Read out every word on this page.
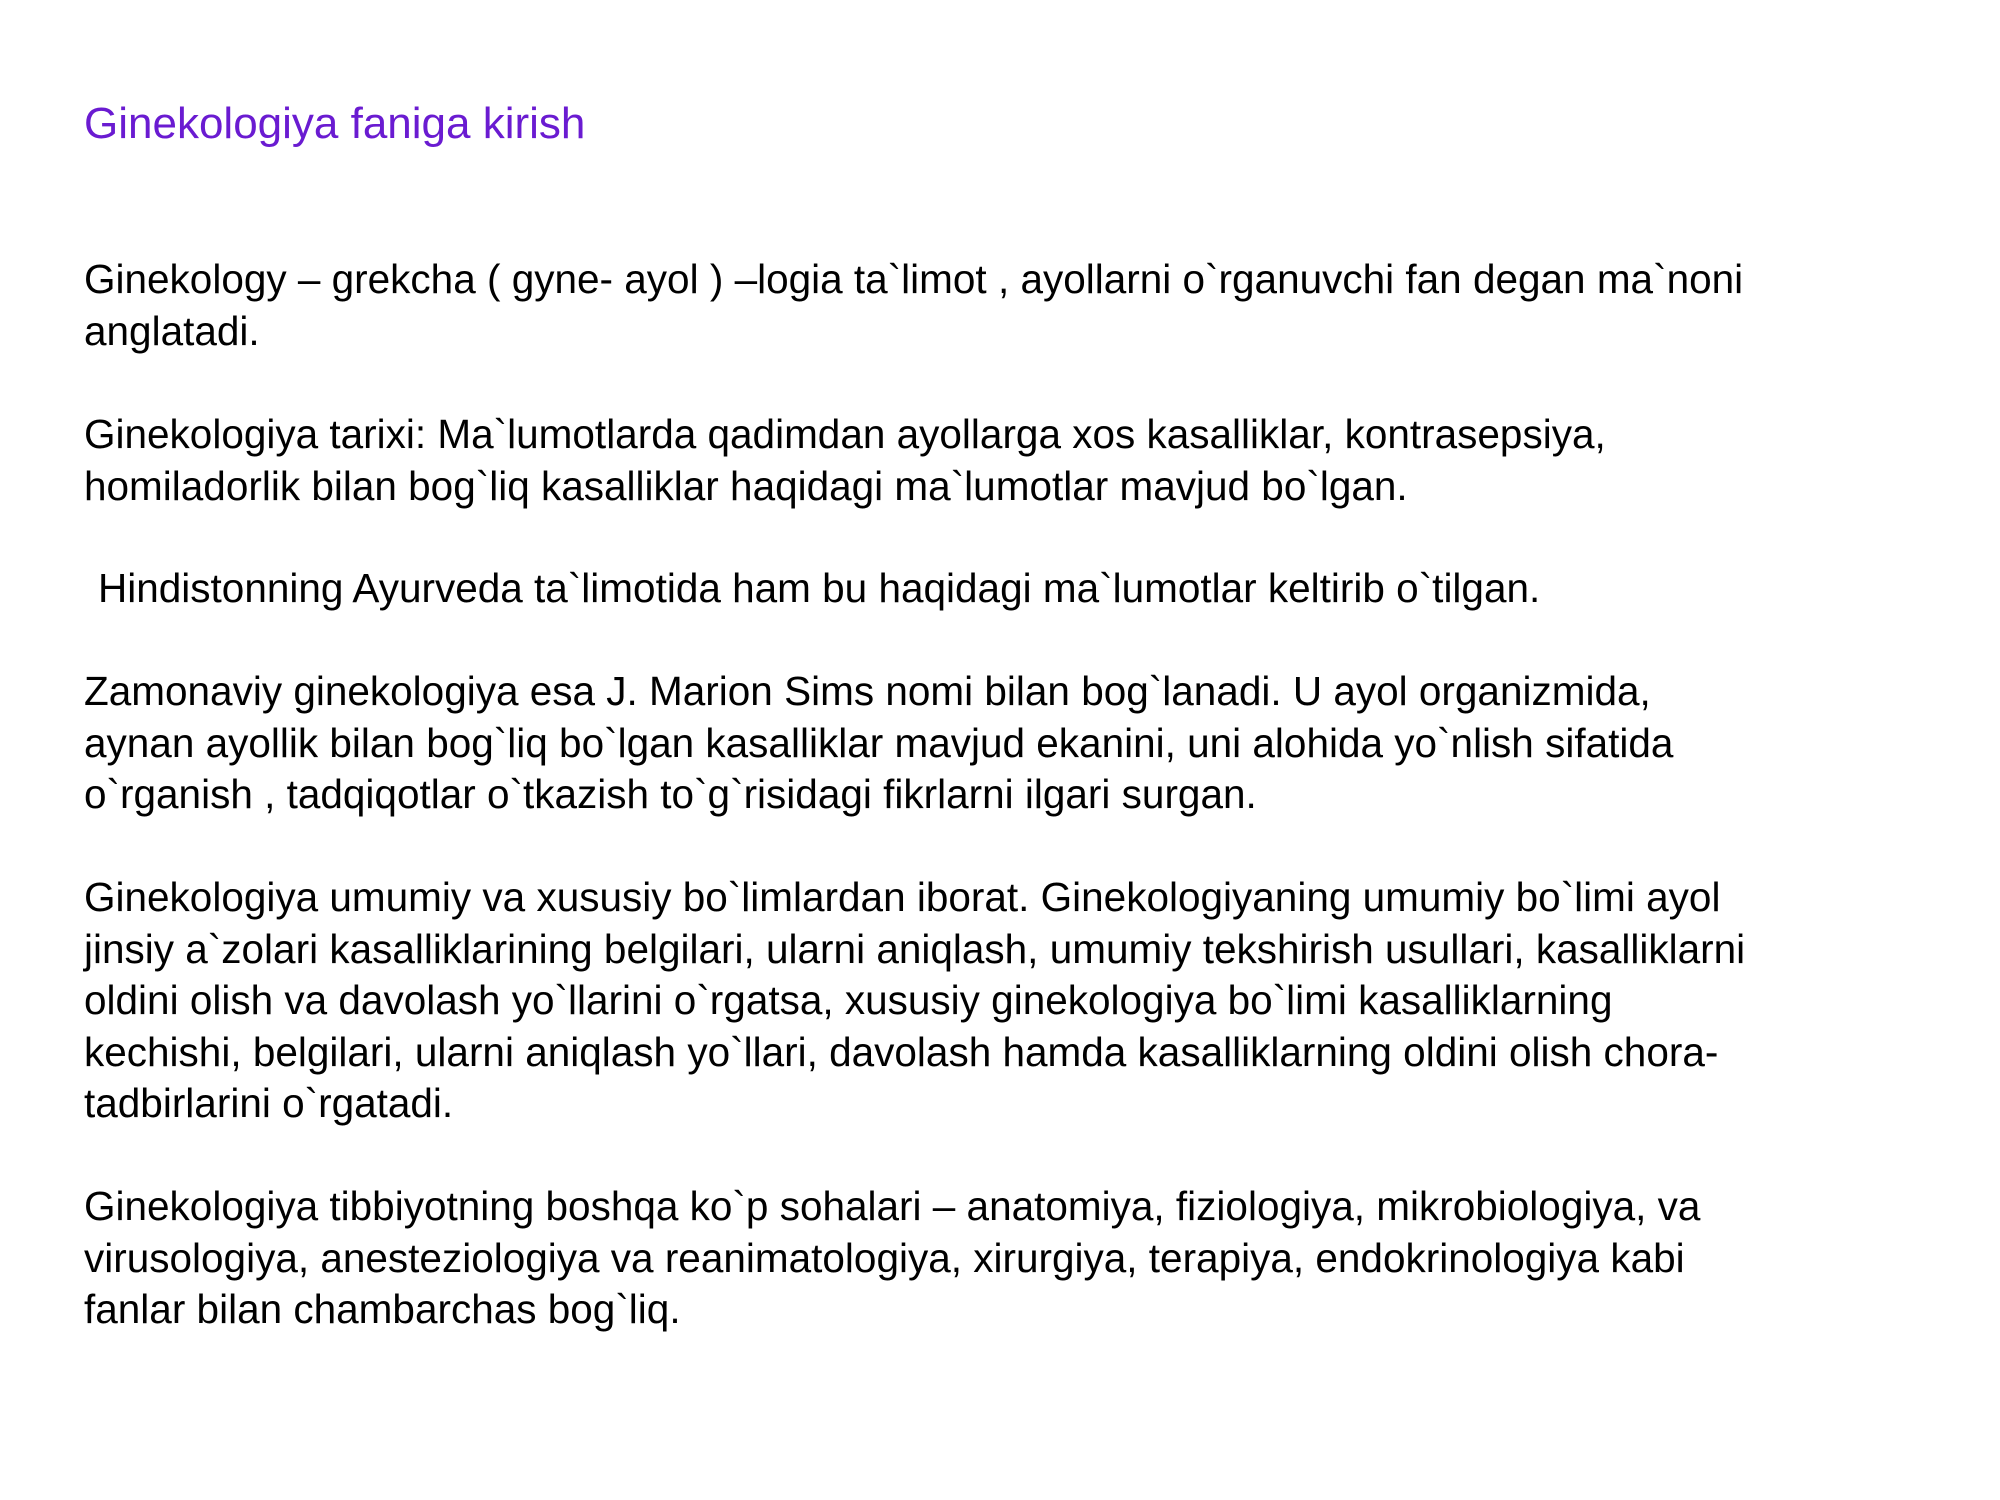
Ginekologiya faniga kirish

Ginekology – grekcha ( gyne- ayol ) –logia ta`limot , ayollarni o`rganuvchi fan degan ma`noni
anglatadi.

Ginekologiya tarixi: Ma`lumotlarda qadimdan ayollarga xos kasalliklar, kontrasepsiya,
homiladorlik bilan bog`liq kasalliklar haqidagi ma`lumotlar mavjud bo`lgan.

Hindistonning Ayurveda ta`limotida ham bu haqidagi ma`lumotlar keltirib o`tilgan.

Zamonaviy ginekologiya esa J. Marion Sims nomi bilan bog`lanadi. U ayol organizmida,
aynan ayollik bilan bog`liq bo`lgan kasalliklar mavjud ekanini, uni alohida yo`nlish sifatida
o`rganish , tadqiqotlar o`tkazish to`g`risidagi fikrlarni ilgari surgan.

Ginekologiya umumiy va xususiy bo`limlardan iborat. Ginekologiyaning umumiy bo`limi ayol
jinsiy a`zolari kasalliklarining belgilari, ularni aniqlash, umumiy tekshirish usullari, kasalliklarni
oldini olish va davolash yo`llarini o`rgatsa, xususiy ginekologiya bo`limi kasalliklarning
kechishi, belgilari, ularni aniqlash yo`llari, davolash hamda kasalliklarning oldini olish chora-
tadbirlarini o`rgatadi.

Ginekologiya tibbiyotning boshqa ko`p sohalari – anatomiya, fiziologiya, mikrobiologiya, va
virusologiya, anesteziologiya va reanimatologiya, xirurgiya, terapiya, endokrinologiya kabi
fanlar bilan chambarchas bog`liq.
